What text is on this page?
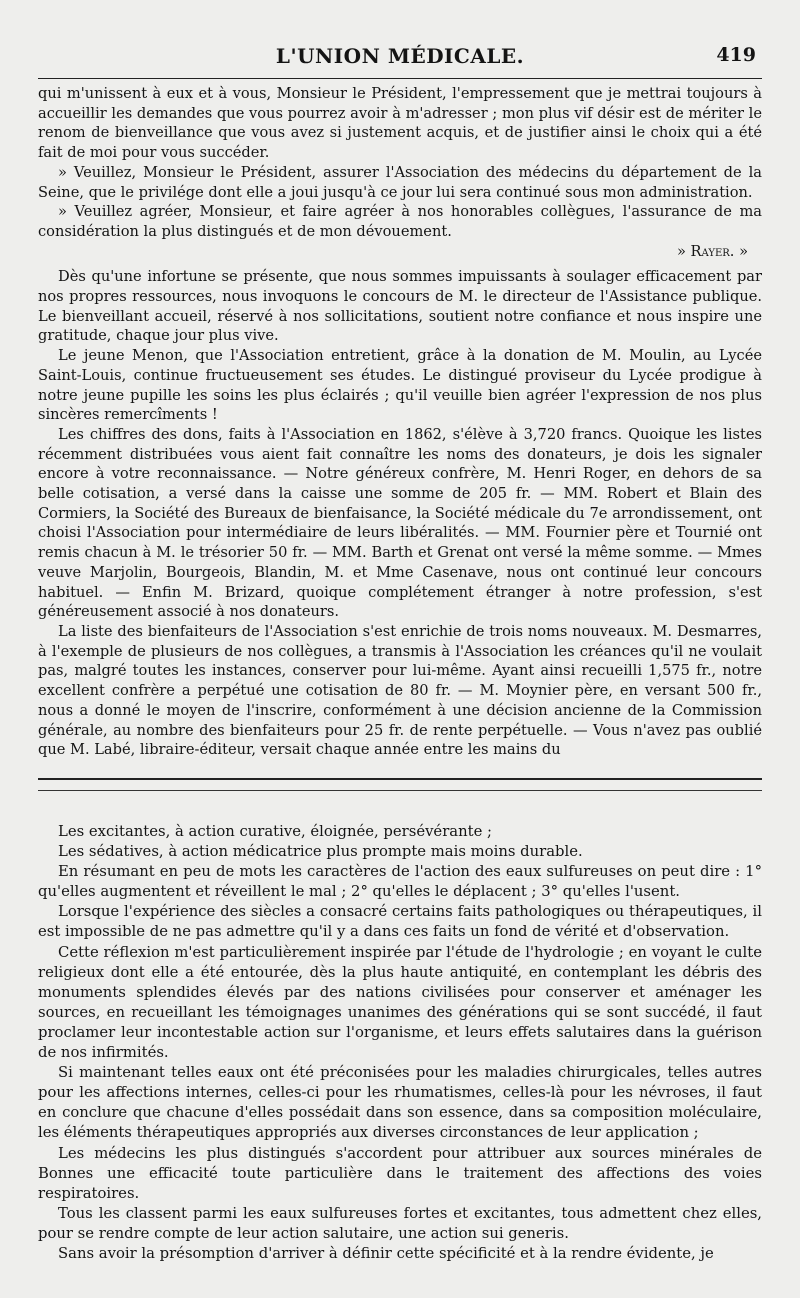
L'UNION MÉDICALE.	419

qui m'unissent à eux et à vous, Monsieur le Président, l'empressement que je mettrai toujours à accueillir les demandes que vous pourrez avoir à m'adresser ; mon plus vif désir est de mériter le renom de bienveillance que vous avez si justement acquis, et de justifier ainsi le choix qui a été fait de moi pour vous succéder.

» Veuillez, Monsieur le Président, assurer l'Association des médecins du département de la Seine, que le privilége dont elle a joui jusqu'à ce jour lui sera continué sous mon administration.

» Veuillez agréer, Monsieur, et faire agréer à nos honorables collègues, l'assurance de ma considération la plus distingués et de mon dévouement.

» Rayer. »

Dès qu'une infortune se présente, que nous sommes impuissants à soulager efficacement par nos propres ressources, nous invoquons le concours de M. le directeur de l'Assistance publique. Le bienveillant accueil, réservé à nos sollicitations, soutient notre confiance et nous inspire une gratitude, chaque jour plus vive.

Le jeune Menon, que l'Association entretient, grâce à la donation de M. Moulin, au Lycée Saint-Louis, continue fructueusement ses études. Le distingué proviseur du Lycée prodigue à notre jeune pupille les soins les plus éclairés ; qu'il veuille bien agréer l'expression de nos plus sincères remercîments !

Les chiffres des dons, faits à l'Association en 1862, s'élève à 3,720 francs. Quoique les listes récemment distribuées vous aient fait connaître les noms des donateurs, je dois les signaler encore à votre reconnaissance. — Notre généreux confrère, M. Henri Roger, en dehors de sa belle cotisation, a versé dans la caisse une somme de 205 fr. — MM. Robert et Blain des Cormiers, la Société des Bureaux de bienfaisance, la Société médicale du 7e arrondissement, ont choisi l'Association pour intermédiaire de leurs libéralités. — MM. Fournier père et Tournié ont remis chacun à M. le trésorier 50 fr. — MM. Barth et Grenat ont versé la même somme. — Mmes veuve Marjolin, Bourgeois, Blandin, M. et Mme Casenave, nous ont continué leur concours habituel. — Enfin M. Brizard, quoique complétement étranger à notre profession, s'est généreusement associé à nos donateurs.

La liste des bienfaiteurs de l'Association s'est enrichie de trois noms nouveaux. M. Desmarres, à l'exemple de plusieurs de nos collègues, a transmis à l'Association les créances qu'il ne voulait pas, malgré toutes les instances, conserver pour lui-même. Ayant ainsi recueilli 1,575 fr., notre excellent confrère a perpétué une cotisation de 80 fr. — M. Moynier père, en versant 500 fr., nous a donné le moyen de l'inscrire, conformément à une décision ancienne de la Commission générale, au nombre des bienfaiteurs pour 25 fr. de rente perpétuelle. — Vous n'avez pas oublié que M. Labé, libraire-éditeur, versait chaque année entre les mains du

Les excitantes, à action curative, éloignée, persévérante ;

Les sédatives, à action médicatrice plus prompte mais moins durable.

En résumant en peu de mots les caractères de l'action des eaux sulfureuses on peut dire : 1° qu'elles augmentent et réveillent le mal ; 2° qu'elles le déplacent ; 3° qu'elles l'usent.

Lorsque l'expérience des siècles a consacré certains faits pathologiques ou thérapeutiques, il est impossible de ne pas admettre qu'il y a dans ces faits un fond de vérité et d'observation.

Cette réflexion m'est particulièrement inspirée par l'étude de l'hydrologie ; en voyant le culte religieux dont elle a été entourée, dès la plus haute antiquité, en contemplant les débris des monuments splendides élevés par des nations civilisées pour conserver et aménager les sources, en recueillant les témoignages unanimes des générations qui se sont succédé, il faut proclamer leur incontestable action sur l'organisme, et leurs effets salutaires dans la guérison de nos infirmités.

Si maintenant telles eaux ont été préconisées pour les maladies chirurgicales, telles autres pour les affections internes, celles-ci pour les rhumatismes, celles-là pour les névroses, il faut en conclure que chacune d'elles possédait dans son essence, dans sa composition moléculaire, les éléments thérapeutiques appropriés aux diverses circonstances de leur application ;

Les médecins les plus distingués s'accordent pour attribuer aux sources minérales de Bonnes une efficacité toute particulière dans le traitement des affections des voies respiratoires.

Tous les classent parmi les eaux sulfureuses fortes et excitantes, tous admettent chez elles, pour se rendre compte de leur action salutaire, une action sui generis.

Sans avoir la présomption d'arriver à définir cette spécificité et à la rendre évidente, je
